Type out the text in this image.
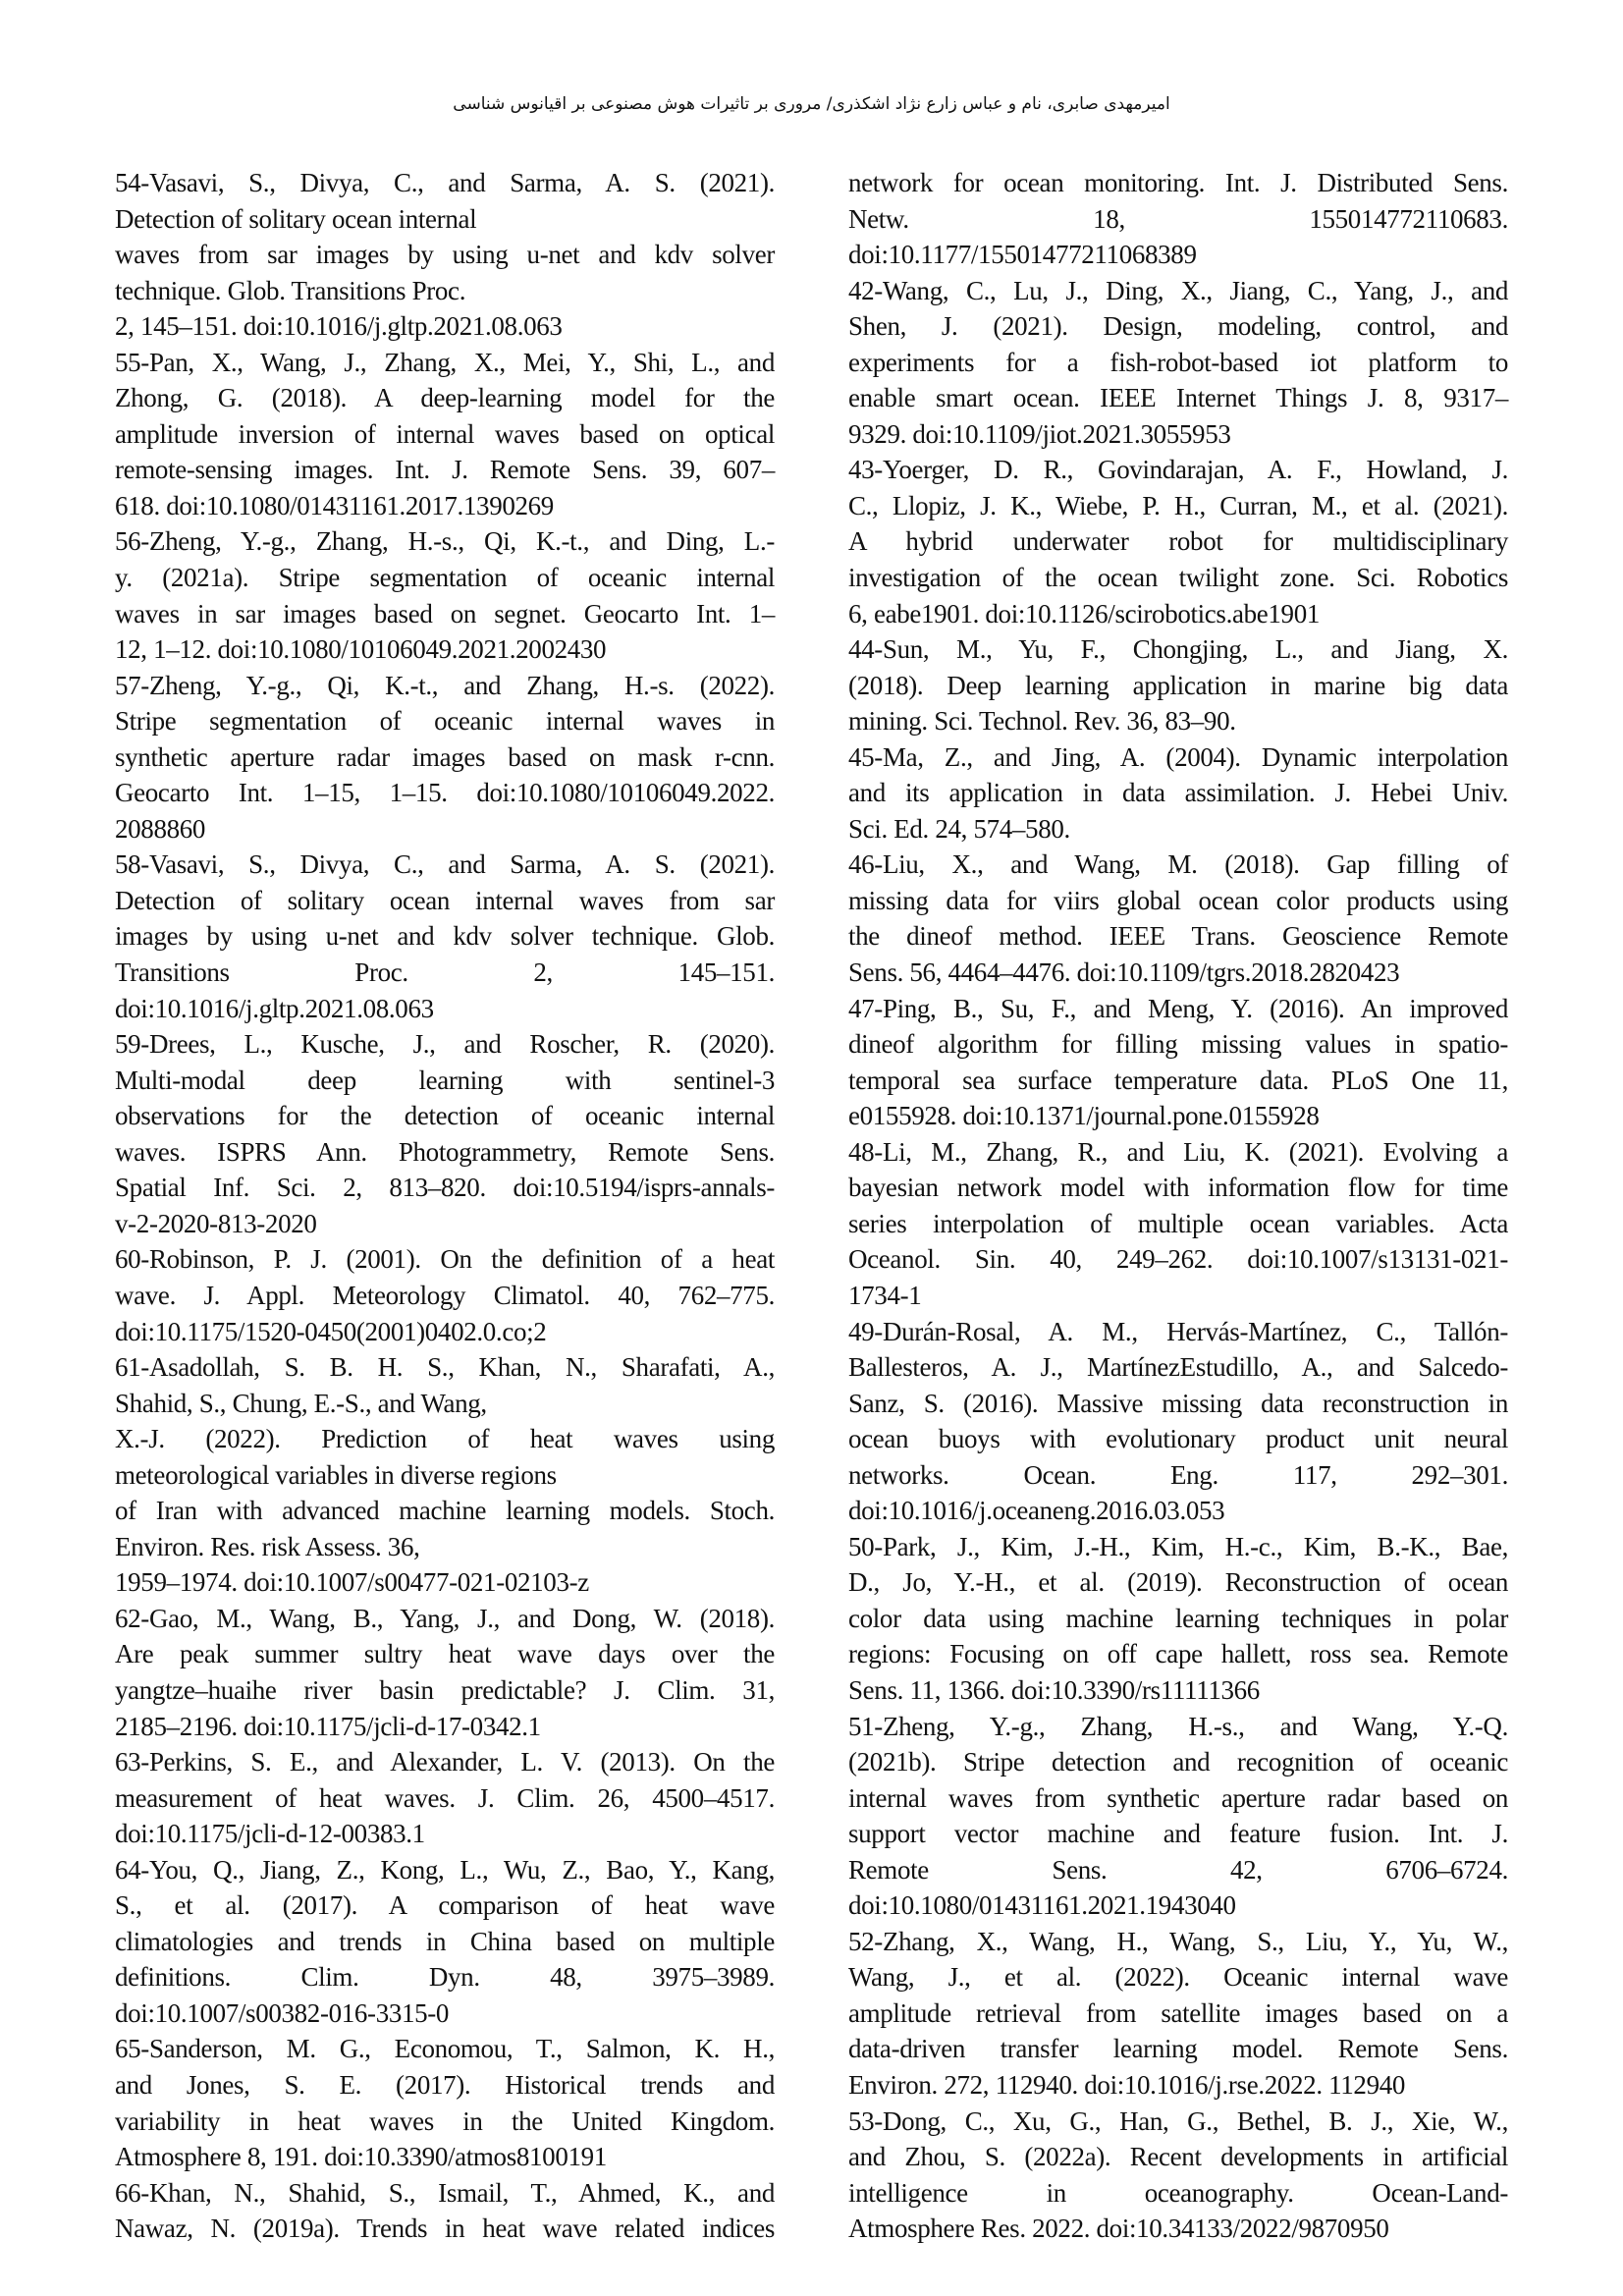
امیرمهدی صابری، نام و عباس زارع نژاد اشکذری/ مروری بر تاثیرات هوش مصنوعی بر اقیانوس شناسی
54-Vasavi, S., Divya, C., and Sarma, A. S. (2021).
Detection of solitary ocean internal
waves from sar images by using u-net and kdv solver
technique. Glob. Transitions Proc.
2, 145–151. doi:10.1016/j.gltp.2021.08.063
55-Pan, X., Wang, J., Zhang, X., Mei, Y., Shi, L., and
Zhong, G. (2018). A deep-learning model for the
amplitude inversion of internal waves based on optical
remote-sensing images. Int. J. Remote Sens. 39, 607–
618. doi:10.1080/01431161.2017.1390269
56-Zheng, Y.-g., Zhang, H.-s., Qi, K.-t., and Ding, L.-
y. (2021a). Stripe segmentation of oceanic internal
waves in sar images based on segnet. Geocarto Int. 1–
12, 1–12. doi:10.1080/10106049.2021.2002430
57-Zheng, Y.-g., Qi, K.-t., and Zhang, H.-s. (2022).
Stripe segmentation of oceanic internal waves in
synthetic aperture radar images based on mask r-cnn.
Geocarto Int. 1–15, 1–15. doi:10.1080/10106049.2022.
2088860
58-Vasavi, S., Divya, C., and Sarma, A. S. (2021).
Detection of solitary ocean internal waves from sar
images by using u-net and kdv solver technique. Glob.
Transitions Proc. 2, 145–151.
doi:10.1016/j.gltp.2021.08.063
59-Drees, L., Kusche, J., and Roscher, R. (2020).
Multi-modal deep learning with sentinel-3
observations for the detection of oceanic internal
waves. ISPRS Ann. Photogrammetry, Remote Sens.
Spatial Inf. Sci. 2, 813–820. doi:10.5194/isprs-annals-
v-2-2020-813-2020
60-Robinson, P. J. (2001). On the definition of a heat
wave. J. Appl. Meteorology Climatol. 40, 762–775.
doi:10.1175/1520-0450(2001)0402.0.co;2
61-Asadollah, S. B. H. S., Khan, N., Sharafati, A.,
Shahid, S., Chung, E.-S., and Wang,
X.-J. (2022). Prediction of heat waves using
meteorological variables in diverse regions
of Iran with advanced machine learning models. Stoch.
Environ. Res. risk Assess. 36,
1959–1974. doi:10.1007/s00477-021-02103-z
62-Gao, M., Wang, B., Yang, J., and Dong, W. (2018).
Are peak summer sultry heat wave days over the
yangtze–huaihe river basin predictable? J. Clim. 31,
2185–2196. doi:10.1175/jcli-d-17-0342.1
63-Perkins, S. E., and Alexander, L. V. (2013). On the
measurement of heat waves. J. Clim. 26, 4500–4517.
doi:10.1175/jcli-d-12-00383.1
64-You, Q., Jiang, Z., Kong, L., Wu, Z., Bao, Y., Kang,
S., et al. (2017). A comparison of heat wave
climatologies and trends in China based on multiple
definitions. Clim. Dyn. 48, 3975–3989.
doi:10.1007/s00382-016-3315-0
65-Sanderson, M. G., Economou, T., Salmon, K. H.,
and Jones, S. E. (2017). Historical trends and
variability in heat waves in the United Kingdom.
Atmosphere 8, 191. doi:10.3390/atmos8100191
66-Khan, N., Shahid, S., Ismail, T., Ahmed, K., and
Nawaz, N. (2019a). Trends in heat wave related indices
network for ocean monitoring. Int. J. Distributed Sens.
Netw. 18, 155014772110683.
doi:10.1177/15501477211068389
42-Wang, C., Lu, J., Ding, X., Jiang, C., Yang, J., and
Shen, J. (2021). Design, modeling, control, and
experiments for a fish-robot-based iot platform to
enable smart ocean. IEEE Internet Things J. 8, 9317–
9329. doi:10.1109/jiot.2021.3055953
43-Yoerger, D. R., Govindarajan, A. F., Howland, J.
C., Llopiz, J. K., Wiebe, P. H., Curran, M., et al. (2021).
A hybrid underwater robot for multidisciplinary
investigation of the ocean twilight zone. Sci. Robotics
6, eabe1901. doi:10.1126/scirobotics.abe1901
44-Sun, M., Yu, F., Chongjing, L., and Jiang, X.
(2018). Deep learning application in marine big data
mining. Sci. Technol. Rev. 36, 83–90.
45-Ma, Z., and Jing, A. (2004). Dynamic interpolation
and its application in data assimilation. J. Hebei Univ.
Sci. Ed. 24, 574–580.
46-Liu, X., and Wang, M. (2018). Gap filling of
missing data for viirs global ocean color products using
the dineof method. IEEE Trans. Geoscience Remote
Sens. 56, 4464–4476. doi:10.1109/tgrs.2018.2820423
47-Ping, B., Su, F., and Meng, Y. (2016). An improved
dineof algorithm for filling missing values in spatio-
temporal sea surface temperature data. PLoS One 11,
e0155928. doi:10.1371/journal.pone.0155928
48-Li, M., Zhang, R., and Liu, K. (2021). Evolving a
bayesian network model with information flow for time
series interpolation of multiple ocean variables. Acta
Oceanol. Sin. 40, 249–262. doi:10.1007/s13131-021-
1734-1
49-Durán-Rosal, A. M., Hervás-Martínez, C., Tallón-
Ballesteros, A. J., MartínezEstudillo, A., and Salcedo-
Sanz, S. (2016). Massive missing data reconstruction in
ocean buoys with evolutionary product unit neural
networks. Ocean. Eng. 117, 292–301.
doi:10.1016/j.oceaneng.2016.03.053
50-Park, J., Kim, J.-H., Kim, H.-c., Kim, B.-K., Bae,
D., Jo, Y.-H., et al. (2019). Reconstruction of ocean
color data using machine learning techniques in polar
regions: Focusing on off cape hallett, ross sea. Remote
Sens. 11, 1366. doi:10.3390/rs11111366
51-Zheng, Y.-g., Zhang, H.-s., and Wang, Y.-Q.
(2021b). Stripe detection and recognition of oceanic
internal waves from synthetic aperture radar based on
support vector machine and feature fusion. Int. J.
Remote Sens. 42, 6706–6724.
doi:10.1080/01431161.2021.1943040
52-Zhang, X., Wang, H., Wang, S., Liu, Y., Yu, W.,
Wang, J., et al. (2022). Oceanic internal wave
amplitude retrieval from satellite images based on a
data-driven transfer learning model. Remote Sens.
Environ. 272, 112940. doi:10.1016/j.rse.2022. 112940
53-Dong, C., Xu, G., Han, G., Bethel, B. J., Xie, W.,
and Zhou, S. (2022a). Recent developments in artificial
intelligence in oceanography. Ocean-Land-
Atmosphere Res. 2022. doi:10.34133/2022/9870950
